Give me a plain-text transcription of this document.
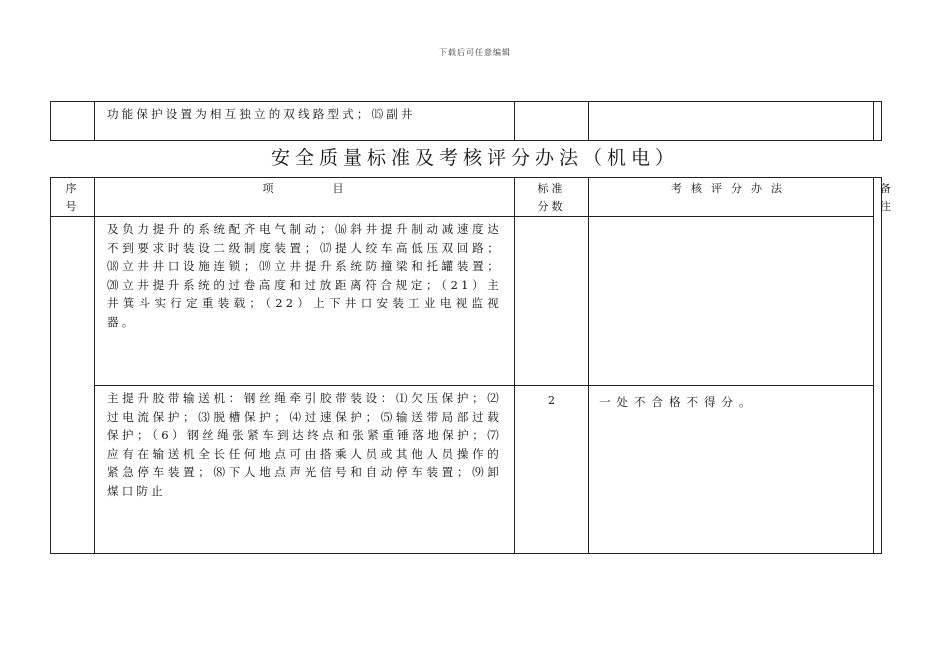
下载后可任意编辑

功能保护设置为相互独立的双线路型式；⒂副井

安全质量标准及考核评分办法（机电）
序号	项　　　　目	标准分数	考核评分办法	备注

	及负力提升的系统配齐电气制动；⒃斜井提升制动减速度达不到要求时装设二级制度装置；⒄提人绞车高低压双回路；⒅立井井口设施连锁；⒆立井提升系统防撞梁和托罐装置；⒇立井提升系统的过卷高度和过放距离符合规定；（21）主井箕斗实行定重装载；（22）上下井口安装工业电视监视器。			

	主提升胶带输送机：钢丝绳牵引胶带装设：⑴欠压保护；⑵过电流保护；⑶脱槽保护；⑷过速保护；⑸输送带局部过载保护；（6）钢丝绳张紧车到达终点和张紧重锤落地保护；⑺应有在输送机全长任何地点可由搭乘人员或其他人员操作的紧急停车装置；⑻下人地点声光信号和自动停车装置；⑼卸煤口防止	2	一处不合格不得分。	
